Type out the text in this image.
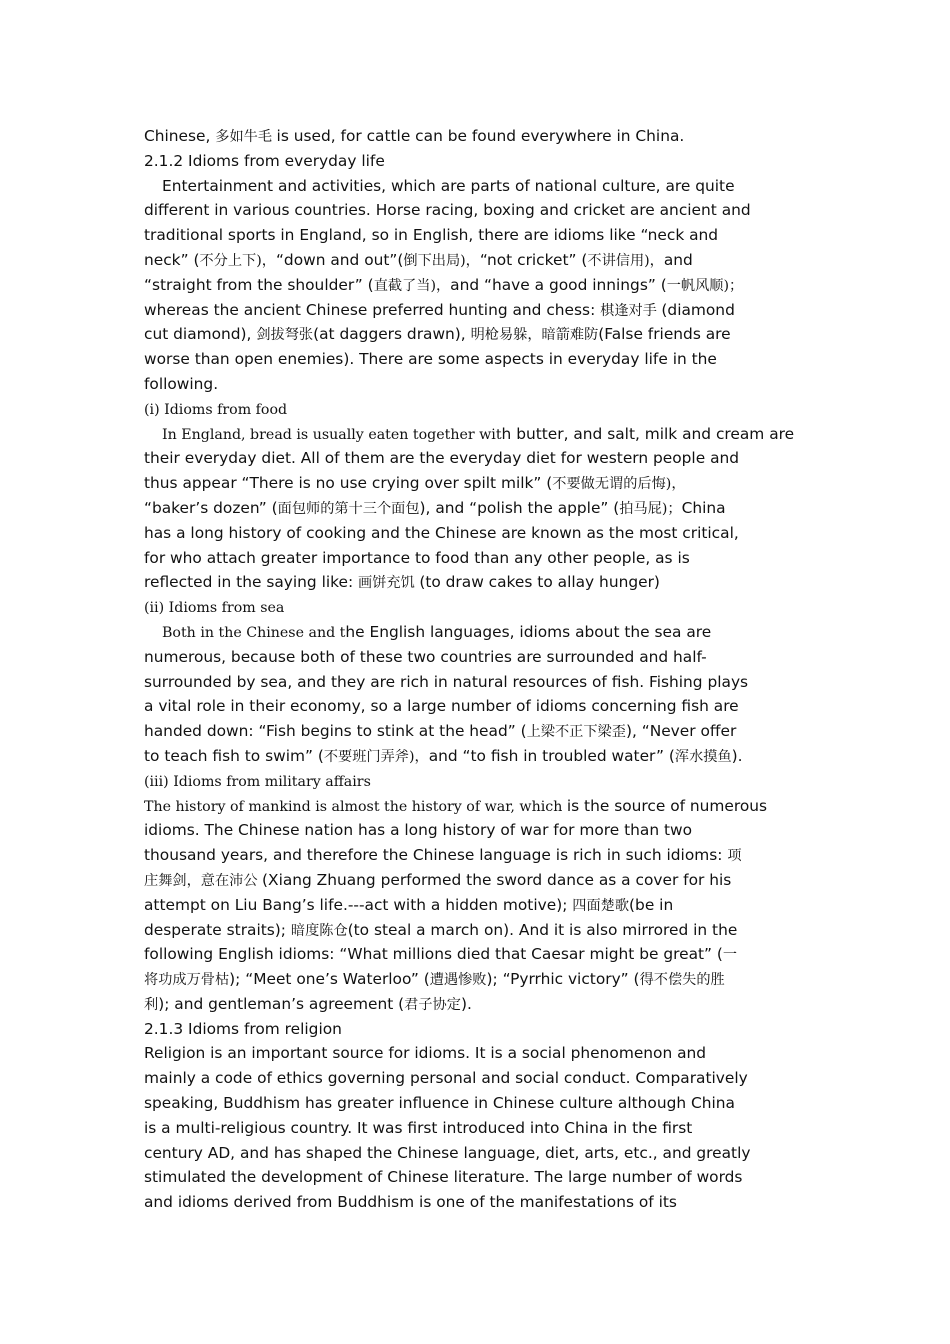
Chinese, 多如牛毛 is used, for cattle can be found everywhere in China.
2.1.2 Idioms from everyday life
Entertainment and activities, which are parts of national culture, are quite
different in various countries. Horse racing, boxing and cricket are ancient and
traditional sports in England, so in English, there are idioms like “neck and
neck” (不分上下)，“down and out”(倒下出局)，“not cricket” (不讲信用)，and
“straight from the shoulder” (直截了当)，and “have a good innings” (一帆风顺)；
whereas the ancient Chinese preferred hunting and chess: 棋逢对手 (diamond
cut diamond), 剑拔弩张(at daggers drawn), 明枪易躲，暗箭难防(False friends are
worse than open enemies). There are some aspects in everyday life in the
following.
(ⅰ) Idioms from food
In England, bread is usually eaten together with butter, and salt, milk and cream are
their everyday diet. All of them are the everyday diet for western people and
thus appear “There is no use crying over spilt milk” (不要做无谓的后悔)，
“baker’s dozen” (面包师的第十三个面包), and “polish the apple” (拍马屁)；China
has a long history of cooking and the Chinese are known as the most critical,
for who attach greater importance to food than any other people, as is
reflected in the saying like: 画饼充饥 (to draw cakes to allay hunger)
(ⅱ) Idioms from sea
Both in the Chinese and the English languages, idioms about the sea are
numerous, because both of these two countries are surrounded and half-
surrounded by sea, and they are rich in natural resources of fish. Fishing plays
a vital role in their economy, so a large number of idioms concerning fish are
handed down: “Fish begins to stink at the head” (上梁不正下梁歪), “Never offer
to teach fish to swim” (不要班门弄斧)，and “to fish in troubled water” (浑水摸鱼).
(ⅲ) Idioms from military affairs
The history of mankind is almost the history of war, which is the source of numerous
idioms. The Chinese nation has a long history of war for more than two
thousand years, and therefore the Chinese language is rich in such idioms: 项
庄舞剑，意在沛公 (Xiang Zhuang performed the sword dance as a cover for his
attempt on Liu Bang’s life.---act with a hidden motive); 四面楚歌(be in
desperate straits); 暗度陈仓(to steal a march on). And it is also mirrored in the
following English idioms: “What millions died that Caesar might be great” (一
将功成万骨枯); “Meet one’s Waterloo” (遭遇惨败); “Pyrrhic victory” (得不偿失的胜
利); and gentleman’s agreement (君子协定).
2.1.3 Idioms from religion
Religion is an important source for idioms. It is a social phenomenon and
mainly a code of ethics governing personal and social conduct. Comparatively
speaking, Buddhism has greater influence in Chinese culture although China
is a multi-religious country. It was first introduced into China in the first
century AD, and has shaped the Chinese language, diet, arts, etc., and greatly
stimulated the development of Chinese literature. The large number of words
and idioms derived from Buddhism is one of the manifestations of its
